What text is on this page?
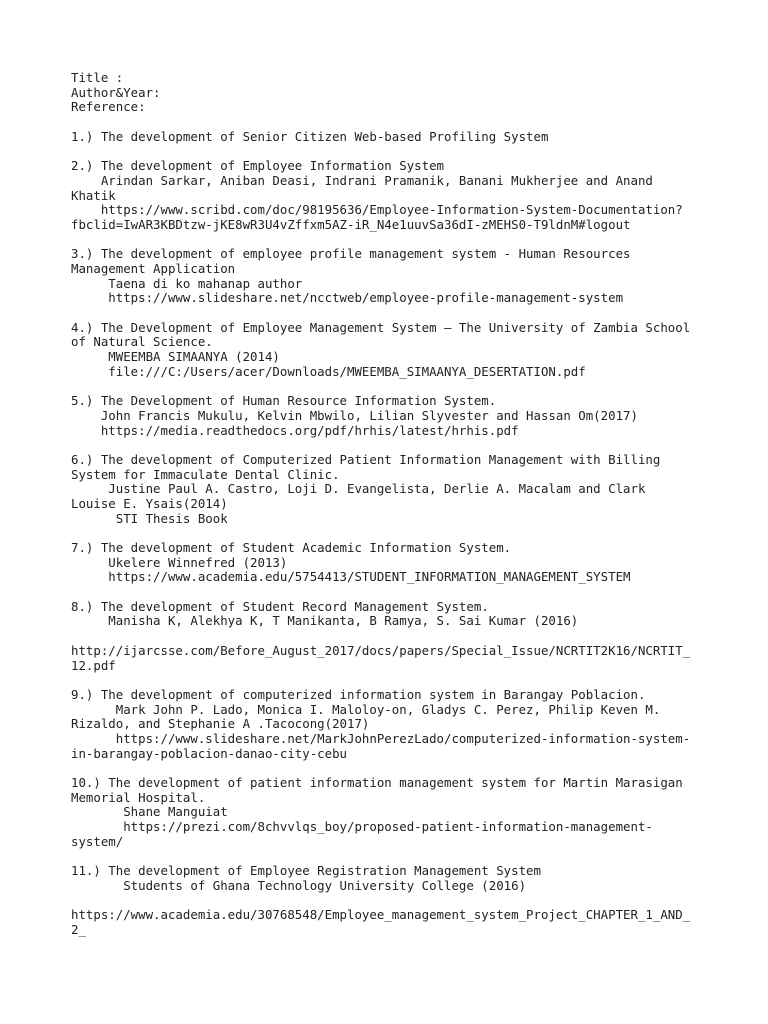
Title :
Author&Year:
Reference:
1.) The development of Senior Citizen Web-based Profiling System
2.) The development of Employee Information System
Arindan Sarkar, Aniban Deasi, Indrani Pramanik, Banani Mukherjee and Anand
Khatik
https://www.scribd.com/doc/98195636/Employee-Information-System-Documentation?
fbclid=IwAR3KBDtzw-jKE8wR3U4vZffxm5AZ-iR_N4e1uuvSa36dI-zMEHS0-T9ldnM#logout
3.) The development of employee profile management system - Human Resources
Management Application
Taena di ko mahanap author
https://www.slideshare.net/ncctweb/employee-profile-management-system
4.) The Development of Employee Management System – The University of Zambia School
of Natural Science.
MWEEMBA SIMAANYA (2014)
file:///C:/Users/acer/Downloads/MWEEMBA_SIMAANYA_DESERTATION.pdf
5.) The Development of Human Resource Information System.
John Francis Mukulu, Kelvin Mbwilo, Lilian Slyvester and Hassan Om(2017)
https://media.readthedocs.org/pdf/hrhis/latest/hrhis.pdf
6.) The development of Computerized Patient Information Management with Billing
System for Immaculate Dental Clinic.
Justine Paul A. Castro, Loji D. Evangelista, Derlie A. Macalam and Clark
Louise E. Ysais(2014)
STI Thesis Book
7.) The development of Student Academic Information System.
Ukelere Winnefred (2013)
https://www.academia.edu/5754413/STUDENT_INFORMATION_MANAGEMENT_SYSTEM
8.) The development of Student Record Management System.
Manisha K, Alekhya K, T Manikanta, B Ramya, S. Sai Kumar (2016)
http://ijarcsse.com/Before_August_2017/docs/papers/Special_Issue/NCRTIT2K16/NCRTIT_
12.pdf
9.) The development of computerized information system in Barangay Poblacion.
Mark John P. Lado, Monica I. Maloloy-on, Gladys C. Perez, Philip Keven M.
Rizaldo, and Stephanie A .Tacocong(2017)
https://www.slideshare.net/MarkJohnPerezLado/computerized-information-system-
in-barangay-poblacion-danao-city-cebu
10.) The development of patient information management system for Martin Marasigan
Memorial Hospital.
Shane Manguiat
https://prezi.com/8chvvlqs_boy/proposed-patient-information-management-
system/
11.) The development of Employee Registration Management System
Students of Ghana Technology University College (2016)
https://www.academia.edu/30768548/Employee_management_system_Project_CHAPTER_1_AND_
2_
